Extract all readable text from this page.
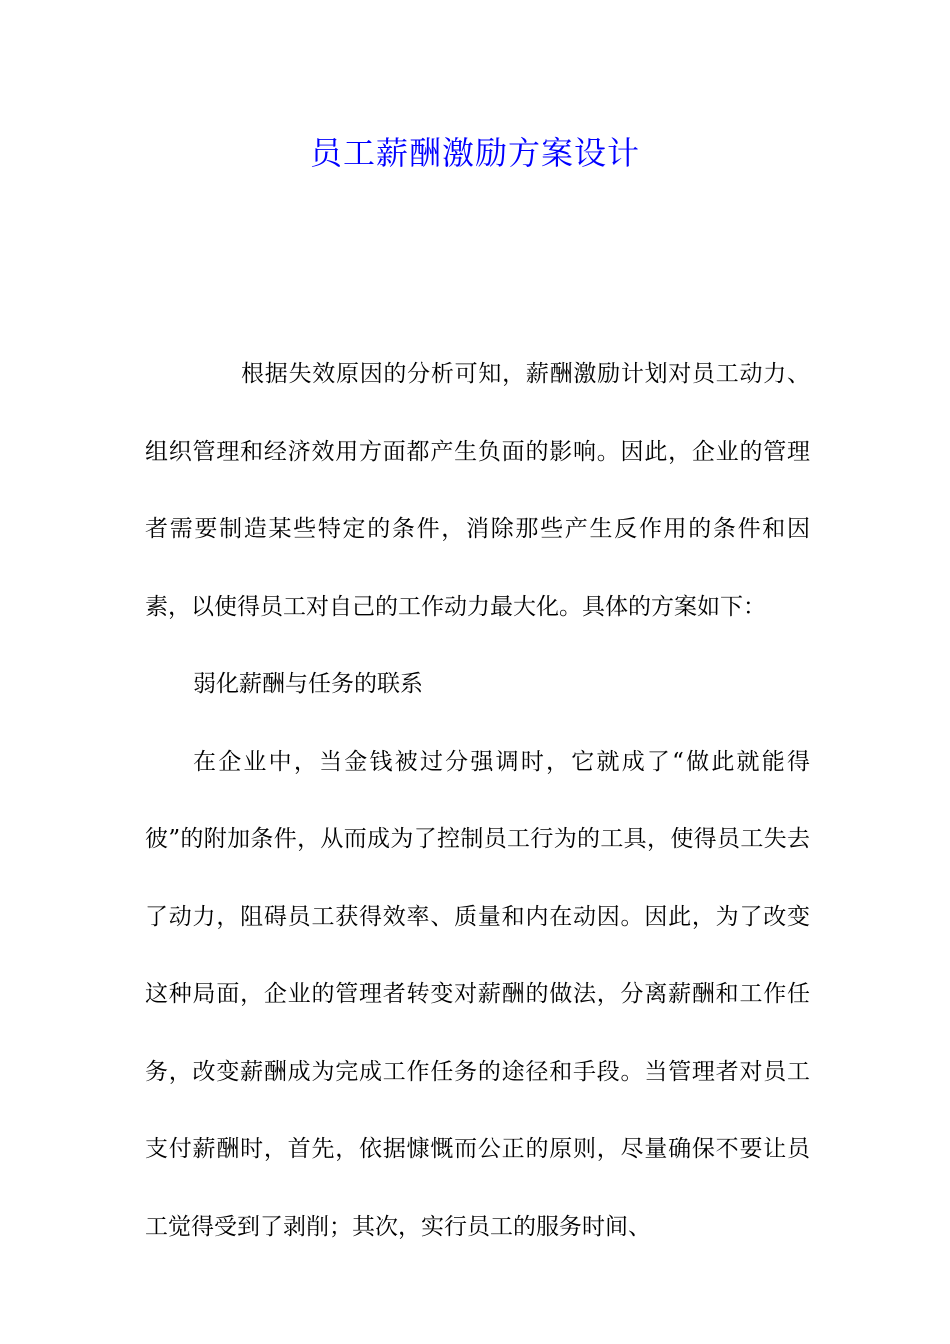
员工薪酬激励方案设计

根据失效原因的分析可知，薪酬激励计划对员工动力、组织管理和经济效用方面都产生负面的影响。因此，企业的管理者需要制造某些特定的条件，消除那些产生反作用的条件和因素，以使得员工对自己的工作动力最大化。具体的方案如下：

弱化薪酬与任务的联系

在企业中，当金钱被过分强调时，它就成了“做此就能得彼”的附加条件，从而成为了控制员工行为的工具，使得员工失去了动力，阻碍员工获得效率、质量和内在动因。因此，为了改变这种局面，企业的管理者转变对薪酬的做法，分离薪酬和工作任务，改变薪酬成为完成工作任务的途径和手段。当管理者对员工支付薪酬时，首先，依据慷慨而公正的原则，尽量确保不要让员工觉得受到了剥削；其次，实行员工的服务时间、
